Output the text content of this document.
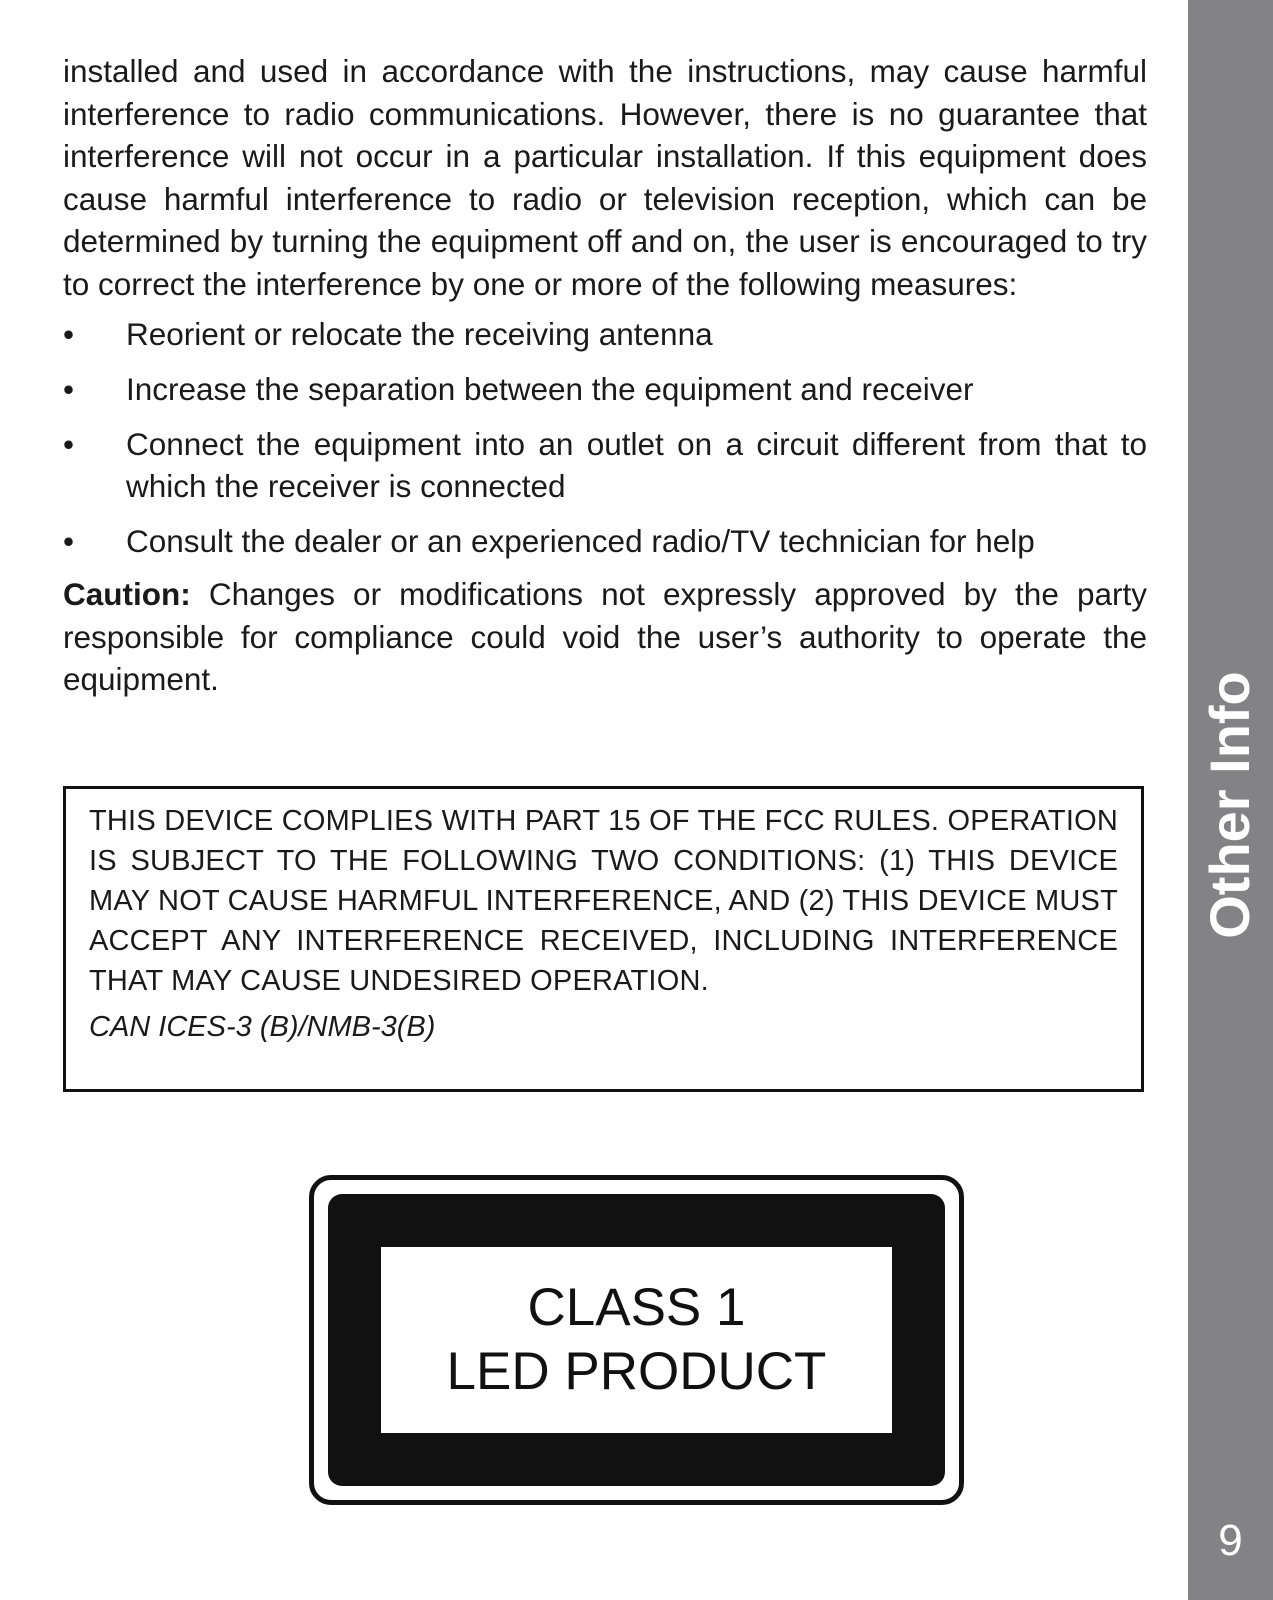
installed and used in accordance with the instructions, may cause harmful interference to radio communications. However, there is no guarantee that interference will not occur in a particular installation. If this equipment does cause harmful interference to radio or television reception, which can be determined by turning the equipment off and on, the user is encouraged to try to correct the interference by one or more of the following measures:

• Reorient or relocate the receiving antenna
• Increase the separation between the equipment and receiver
• Connect the equipment into an outlet on a circuit different from that to which the receiver is connected
• Consult the dealer or an experienced radio/TV technician for help

Caution: Changes or modifications not expressly approved by the party responsible for compliance could void the user’s authority to operate the equipment.

THIS DEVICE COMPLIES WITH PART 15 OF THE FCC RULES. OPERATION IS SUBJECT TO THE FOLLOWING TWO CONDITIONS: (1) THIS DEVICE MAY NOT CAUSE HARMFUL INTERFERENCE, AND (2) THIS DEVICE MUST ACCEPT ANY INTERFERENCE RECEIVED, INCLUDING INTERFERENCE THAT MAY CAUSE UNDESIRED OPERATION.

CAN ICES-3 (B)/NMB-3(B)

CLASS 1
LED PRODUCT
Other Info
9
